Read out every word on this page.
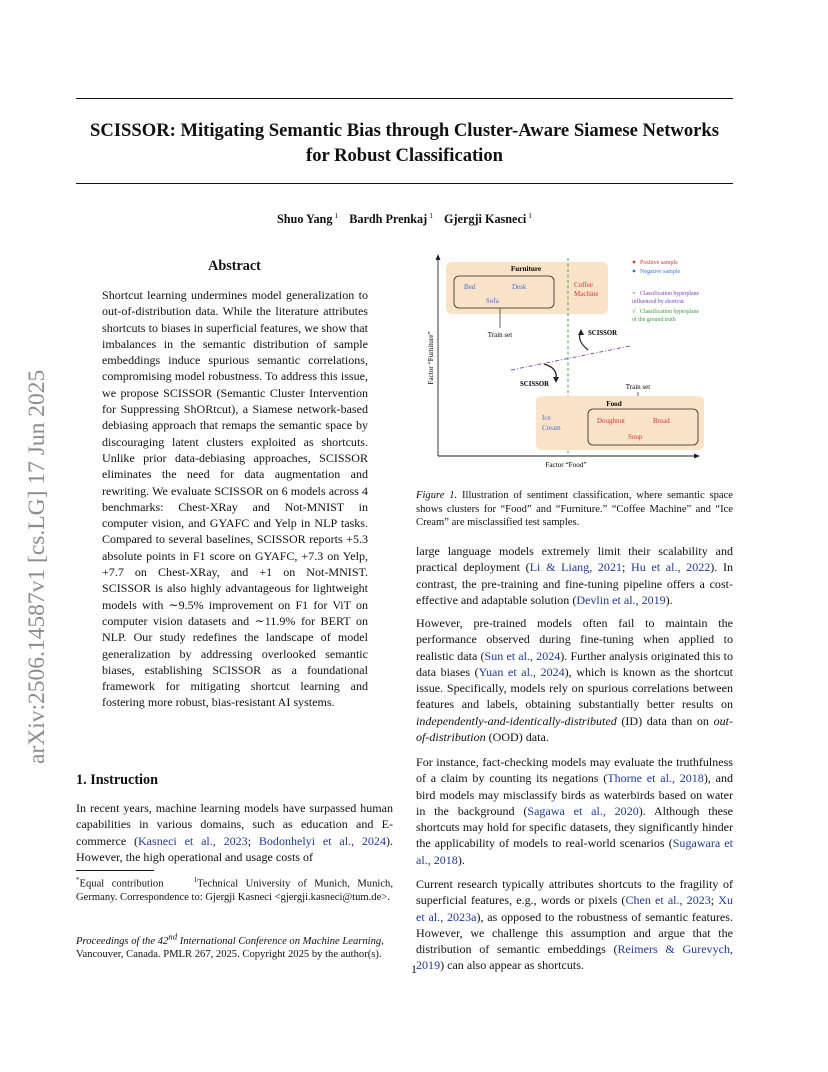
arXiv:2506.14587v1 [cs.LG] 17 Jun 2025
SCISSOR: Mitigating Semantic Bias through Cluster-Aware Siamese Networks
for Robust Classification
Shuo Yang $^1$ Bardh Prenkaj $^1$ Gjergji Kasneci $^1$
Abstract

Shortcut learning undermines model generalization to out-of-distribution data. While the literature attributes shortcuts to biases in superficial features, we show that imbalances in the semantic distribution of sample embeddings induce spurious semantic correlations, compromising model robustness. To address this issue, we propose SCISSOR (Semantic Cluster Intervention for Suppressing ShORtcut), a Siamese network-based debiasing approach that remaps the semantic space by discouraging latent clusters exploited as shortcuts. Unlike prior data-debiasing approaches, SCISSOR eliminates the need for data augmentation and rewriting. We evaluate SCISSOR on 6 models across 4 benchmarks: Chest-XRay and Not-MNIST in computer vision, and GYAFC and Yelp in NLP tasks. Compared to several baselines, SCISSOR reports +5.3 absolute points in F1 score on GYAFC, +7.3 on Yelp, +7.7 on Chest-XRay, and +1 on Not-MNIST. SCISSOR is also highly advantageous for lightweight models with ∼9.5% improvement on F1 for ViT on computer vision datasets and ∼11.9% for BERT on NLP. Our study redefines the landscape of model generalization by addressing overlooked semantic biases, establishing SCISSOR as a foundational framework for mitigating shortcut learning and fostering more robust, bias-resistant AI systems.

1. Instruction

In recent years, machine learning models have surpassed human capabilities in various domains, such as education and E-commerce (Kasneci et al., 2023; Bodonhelyi et al., 2024). However, the high operational and usage costs of

*Equal contribution	$^1$Technical University of Munich, Munich, Germany. Correspondence to: Gjergji Kasneci <gjergji.kasneci@tum.de>.
Proceedings of the 42nd International Conference on Machine Learning, Vancouver, Canada. PMLR 267, 2025. Copyright 2025 by the author(s).
1
Factor “Food”
Factor “Furniture”
Furniture
Bed	Desk
Sofa
Coffee
Machine
Train set	SCISSOR
SCISSOR	Train set
Food
Ice
Cream
Doughnut	Bread
Soup
Positive sample
Negative sample
× Classification hyperplane
influenced by shortcut
√ Classification hyperplane
of the ground truth
Figure 1. Illustration of sentiment classification, where semantic space shows clusters for “Food” and “Furniture.” “Coffee Machine” and “Ice Cream” are misclassified test samples.

large language models extremely limit their scalability and practical deployment (Li & Liang, 2021; Hu et al., 2022). In contrast, the pre-training and fine-tuning pipeline offers a cost-effective and adaptable solution (Devlin et al., 2019).

However, pre-trained models often fail to maintain the performance observed during fine-tuning when applied to realistic data (Sun et al., 2024). Further analysis originated this to data biases (Yuan et al., 2024), which is known as the shortcut issue. Specifically, models rely on spurious correlations between features and labels, obtaining substantially better results on independently-and-identically-distributed (ID) data than on out-of-distribution (OOD) data.

For instance, fact-checking models may evaluate the truthfulness of a claim by counting its negations (Thorne et al., 2018), and bird models may misclassify birds as waterbirds based on water in the background (Sagawa et al., 2020). Although these shortcuts may hold for specific datasets, they significantly hinder the applicability of models to real-world scenarios (Sugawara et al., 2018).

Current research typically attributes shortcuts to the fragility of superficial features, e.g., words or pixels (Chen et al., 2023; Xu et al., 2023a), as opposed to the robustness of semantic features. However, we challenge this assumption and argue that the distribution of semantic embeddings (Reimers & Gurevych, 2019) can also appear as shortcuts.
